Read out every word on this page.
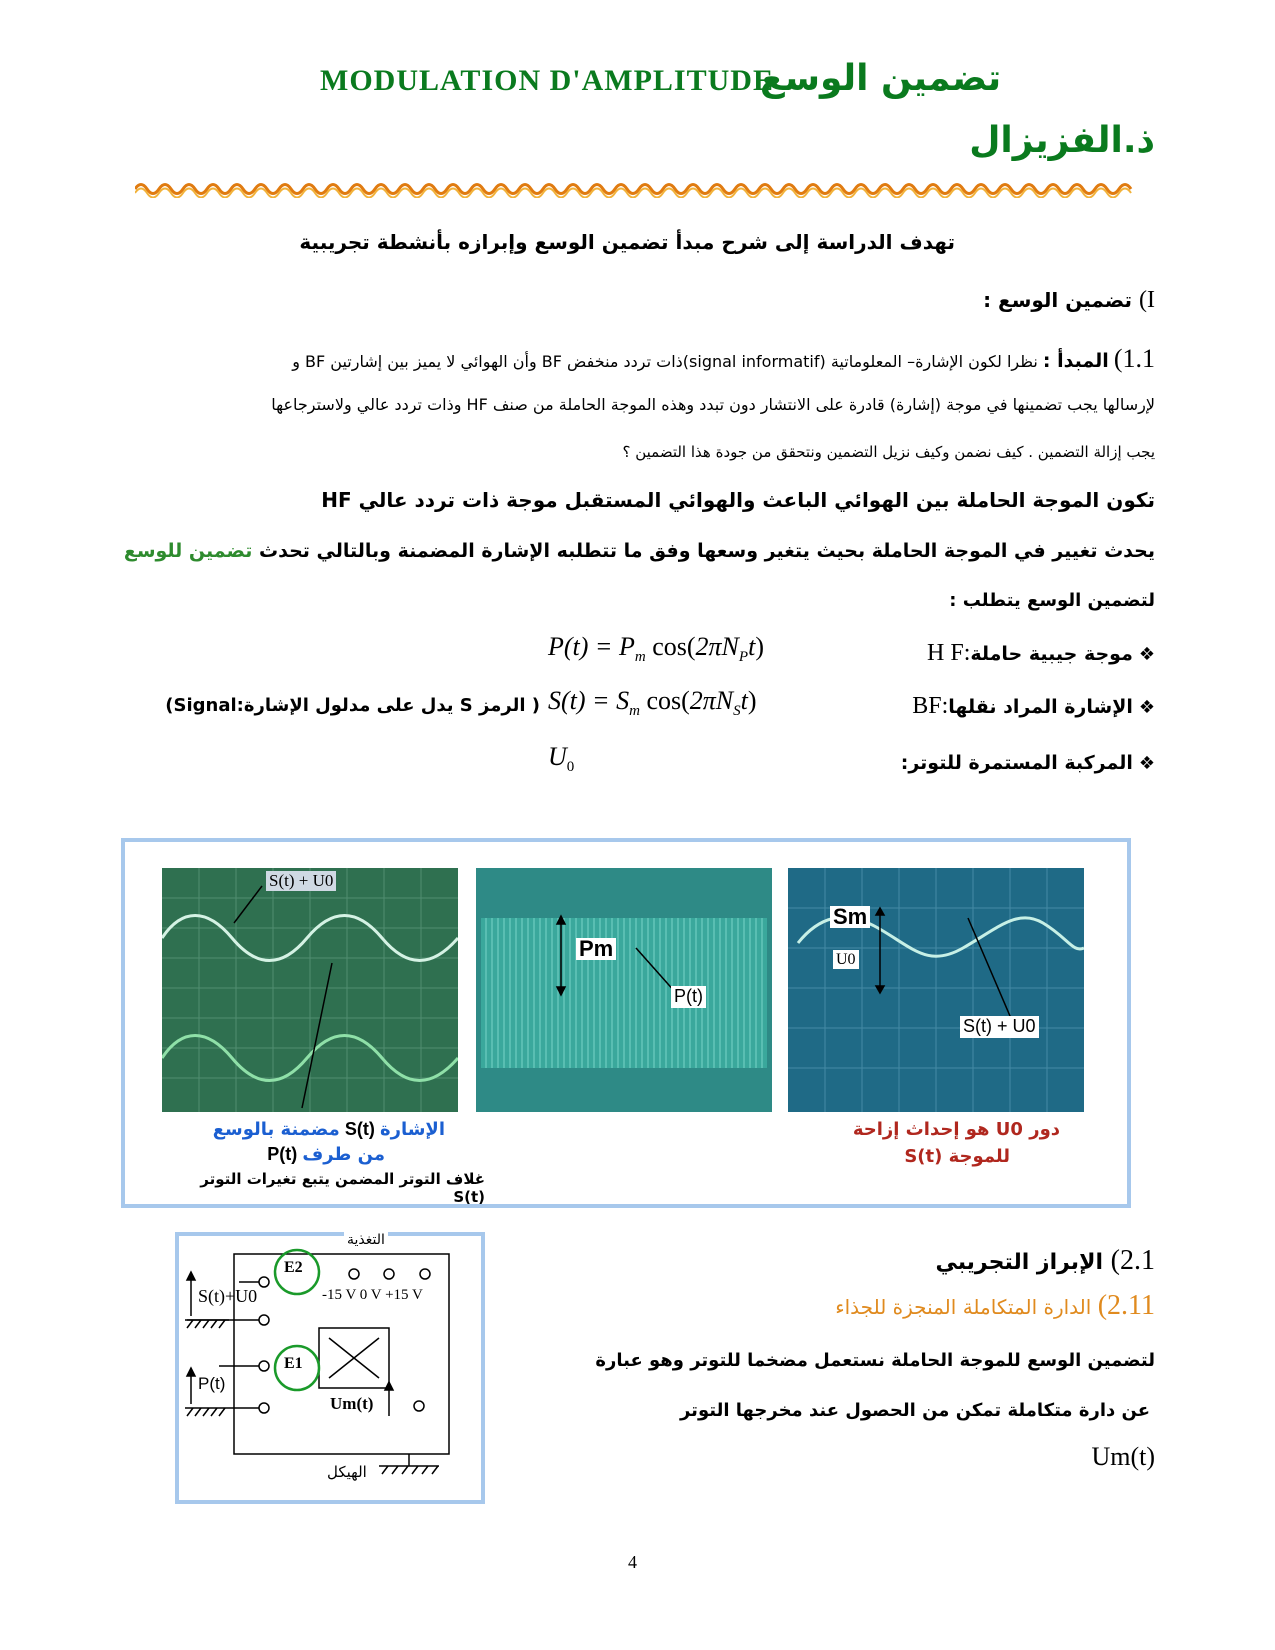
MODULATION D'AMPLITUDE
تضمين الوسع
ذ.الفزيزال
تهدف الدراسة إلى شرح مبدأ تضمين الوسع وإبرازه بأنشطة تجريبية
I) تضمين الوسع :
1.1) المبدأ : نظرا لكون الإشارة– المعلوماتية (signal informatif)ذات تردد منخفض BF وأن الهوائي لا يميز بين إشارتين BF و
لإرسالها يجب تضمينها في موجة (إشارة) قادرة على الانتشار دون تبدد وهذه الموجة الحاملة من صنف HF وذات تردد عالي ولاسترجاعها
يجب إزالة التضمين . كيف نضمن وكيف نزيل التضمين ونتحقق من جودة هذا التضمين ؟
تكون الموجة الحاملة بين الهوائي الباعث والهوائي المستقبل موجة ذات تردد عالي HF
يحدث تغيير في الموجة الحاملة بحيث يتغير وسعها وفق ما تتطلبه الإشارة المضمنة وبالتالي تحدث تضمين للوسع
لتضمين الوسع يتطلب :
❖موجة جيبية حاملة:H F
$P(t) = P_m$ $\cos(2\pi N_Pt)$
❖الإشارة المراد نقلها:BF
$S(t) = S_m$ $\cos(2\pi N_St)$
( الرمز S يدل على مدلول الإشارة:Signal)
❖المركبة المستمرة للتوتر:
$U_0$
S(t) + U0
Pm
P(t)
Sm
U0
S(t) + U0
الإشارة S(t) مضمنة بالوسع
من طرف P(t)
غلاف التوتر المضمن يتبع تغيرات التوتر S(t)
دور U0 هو إحداث إزاحة
للموجة S(t)
التغذية
الهيكل
S(t)+U0
P(t)
E2
E1
-15 V 0 V +15 V
Um(t)
2.1) الإبراز التجريبي
2.11) الدارة المتكاملة المنجزة للجذاء
لتضمين الوسع للموجة الحاملة نستعمل مضخما للتوتر وهو عبارة
عن دارة متكاملة تمكن من الحصول عند مخرجها التوتر
Um(t)
4
